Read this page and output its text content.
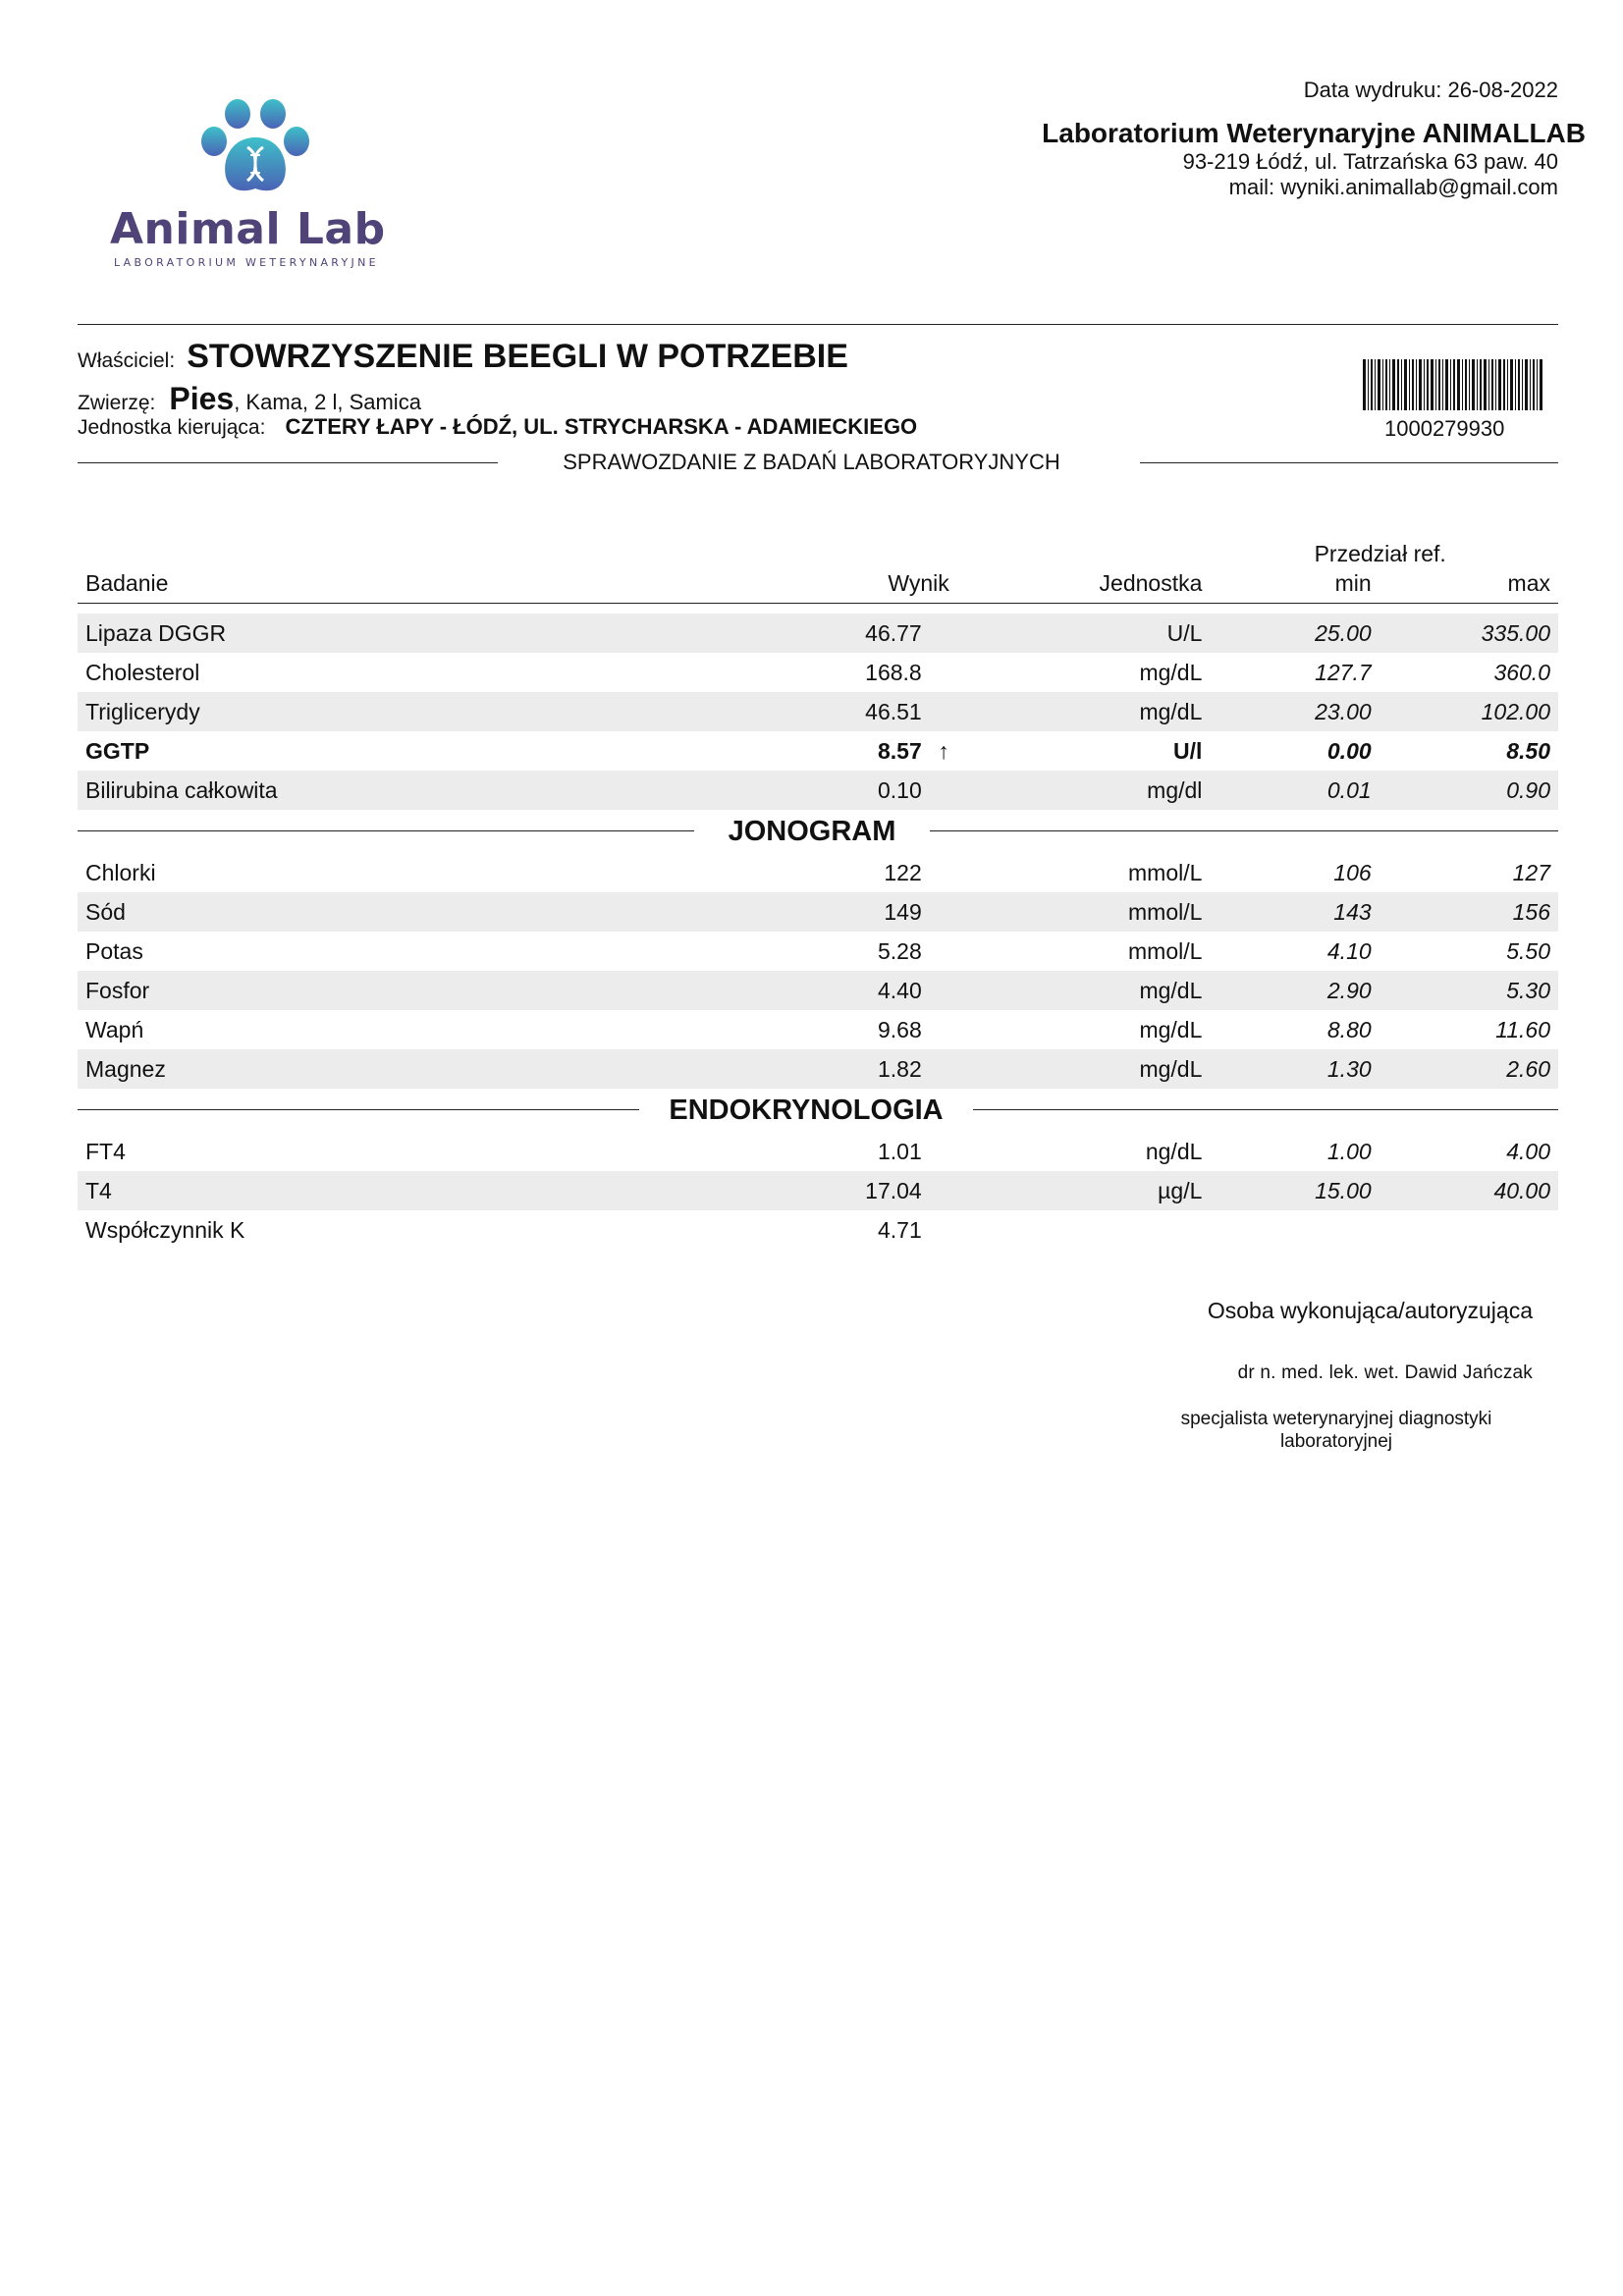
Animal Lab
LABORATORIUM WETERYNARYJNE
Data wydruku: 26-08-2022
Laboratorium Weterynaryjne ANIMALLAB
93-219 Łódź, ul. Tatrzańska 63 paw. 40
mail: wyniki.animallab@gmail.com
Właściciel: STOWRZYSZENIE BEEGLI W POTRZEBIE
Zwierzę: Pies, Kama, 2 l, Samica
Jednostka kierująca: CZTERY ŁAPY - ŁÓDŹ, UL. STRYCHARSKA - ADAMIECKIEGO	1000279930
SPRAWOZDANIE Z BADAŃ LABORATORYJNYCH
			Przedział ref.	
Badanie	Wynik	Jednostka	min	max

Lipaza DGGR	46.77	U/L	25.00	335.00
Cholesterol	168.8	mg/dL	127.7	360.0
Triglicerydy	46.51	mg/dL	23.00	102.00
GGTP	8.57 ↑	U/l	0.00	8.50
Bilirubina całkowita	0.10	mg/dl	0.01	0.90

JONOGRAM				

Chlorki	122	mmol/L	106	127
Sód	149	mmol/L	143	156
Potas	5.28	mmol/L	4.10	5.50
Fosfor	4.40	mg/dL	2.90	5.30
Wapń	9.68	mg/dL	8.80	11.60
Magnez	1.82	mg/dL	1.30	2.60

ENDOKRYNOLOGIA				

FT4	1.01	ng/dL	1.00	4.00
T4	17.04	µg/L	15.00	40.00
Współczynnik K	4.71			
Osoba wykonująca/autoryzująca
dr n. med. lek. wet. Dawid Jańczak
specjalista weterynaryjnej diagnostyki laboratoryjnej
